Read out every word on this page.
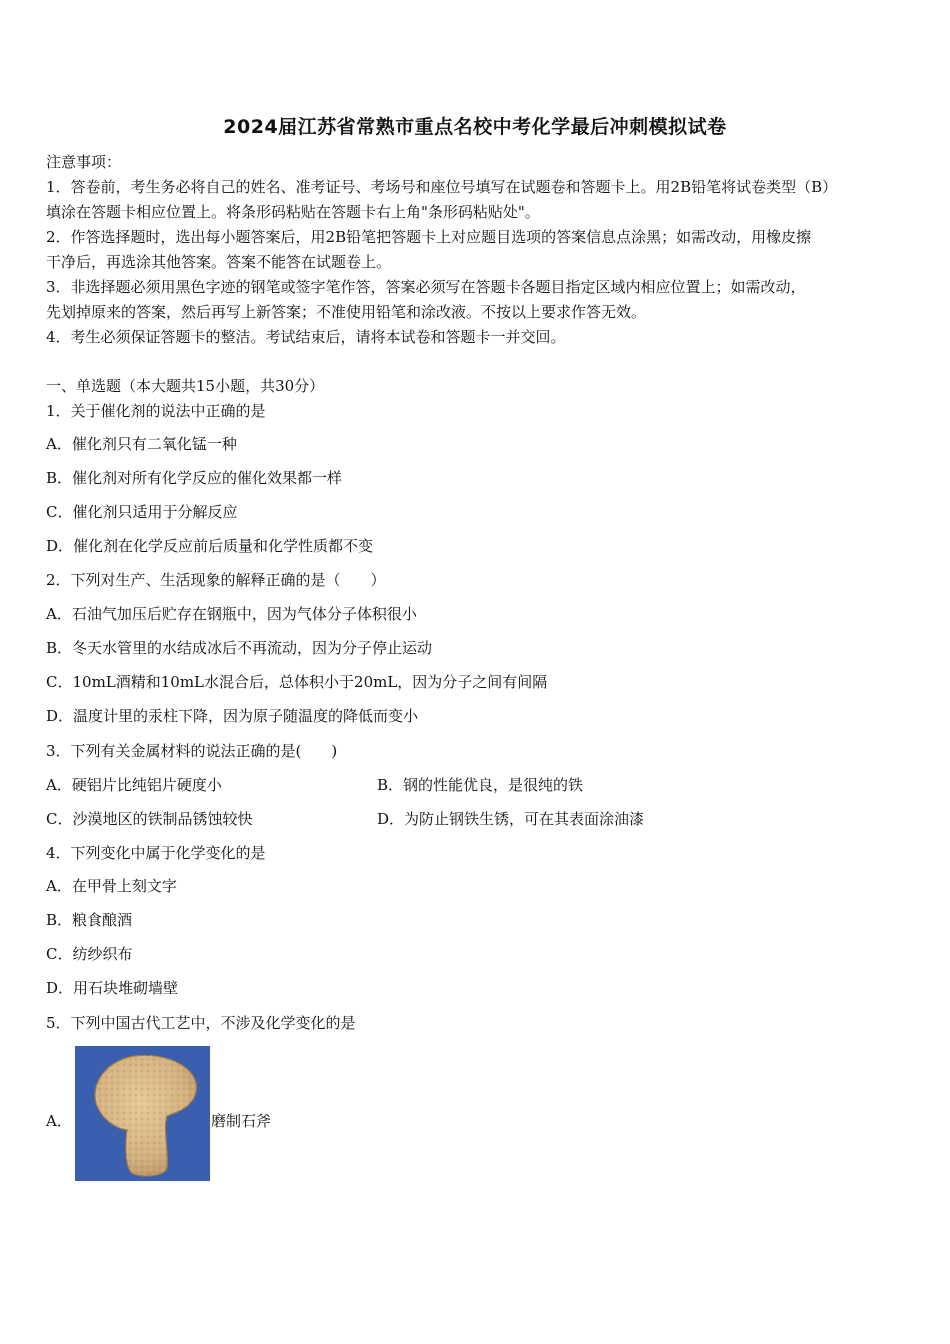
2024届江苏省常熟市重点名校中考化学最后冲刺模拟试卷
注意事项：
1．答卷前，考生务必将自己的姓名、准考证号、考场号和座位号填写在试题卷和答题卡上。用2B铅笔将试卷类型（B）
填涂在答题卡相应位置上。将条形码粘贴在答题卡右上角"条形码粘贴处"。
2．作答选择题时，选出每小题答案后，用2B铅笔把答题卡上对应题目选项的答案信息点涂黑；如需改动，用橡皮擦
干净后，再选涂其他答案。答案不能答在试题卷上。
3．非选择题必须用黑色字迹的钢笔或签字笔作答，答案必须写在答题卡各题目指定区域内相应位置上；如需改动，
先划掉原来的答案，然后再写上新答案；不准使用铅笔和涂改液。不按以上要求作答无效。
4．考生必须保证答题卡的整洁。考试结束后，请将本试卷和答题卡一并交回。
一、单选题（本大题共15小题，共30分）
1．关于催化剂的说法中正确的是
A．催化剂只有二氧化锰一种
B．催化剂对所有化学反应的催化效果都一样
C．催化剂只适用于分解反应
D．催化剂在化学反应前后质量和化学性质都不变
2．下列对生产、生活现象的解释正确的是（　　）
A．石油气加压后贮存在钢瓶中，因为气体分子体积很小
B．冬天水管里的水结成冰后不再流动，因为分子停止运动
C．10mL酒精和10mL水混合后，总体积小于20mL，因为分子之间有间隔
D．温度计里的汞柱下降，因为原子随温度的降低而变小
3．下列有关金属材料的说法正确的是(　　)
A．硬铝片比纯铝片硬度小	B．钢的性能优良，是很纯的铁
C．沙漠地区的铁制品锈蚀较快	D．为防止钢铁生锈，可在其表面涂油漆
4．下列变化中属于化学变化的是
A．在甲骨上刻文字
B．粮食酿酒
C．纺纱织布
D．用石块堆砌墙壁
5．下列中国古代工艺中，不涉及化学变化的是
A．	磨制石斧
